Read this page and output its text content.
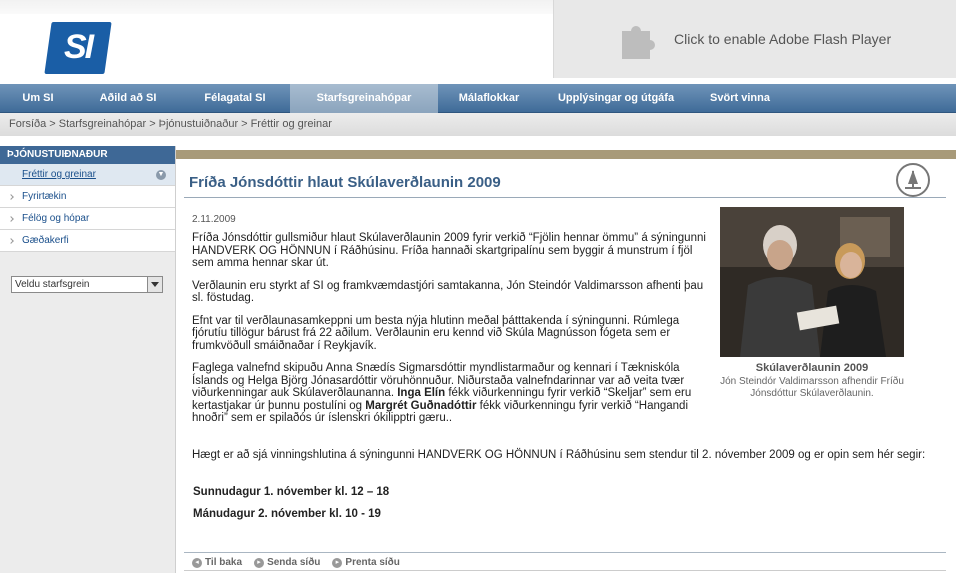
SI	Click to enable Adobe Flash Player
Um SI	Aðild að SI	Félagatal SI	Starfsgreinahópar	Málaflokkar	Upplýsingar og útgáfa	Svört vinna
Forsíða > Starfsgreinahópar > Þjónustuiðnaður > Fréttir og greinar
ÞJÓNUSTUIÐNAÐUR
Fréttir og greinar	▼
Fyrirtækin
Félög og hópar
Gæðakerfi
Veldu starfsgrein
Fríða Jónsdóttir hlaut Skúlaverðlaunin 2009
2.11.2009

Fríða Jónsdóttir gullsmiður hlaut Skúlaverðlaunin 2009 fyrir verkið “Fjölin hennar ömmu” á sýningunni HANDVERK OG HÖNNUN í Ráðhúsinu. Fríða hannaði skartgripalínu sem byggir á munstrum í fjöl sem amma hennar skar út.

Verðlaunin eru styrkt af SI og framkvæmdastjóri samtakanna, Jón Steindór Valdimarsson afhenti þau sl. föstudag.

Efnt var til verðlaunasamkeppni um besta nýja hlutinn meðal þátttakenda í sýningunni. Rúmlega fjórutíu tillögur bárust frá 22 aðilum. Verðlaunin eru kennd við Skúla Magnússon fógeta sem er frumkvöðull smáiðnaðar í Reykjavík.

Faglega valnefnd skipuðu Anna Snædís Sigmarsdóttir myndlistarmaður og kennari í Tækniskóla Íslands og Helga Björg Jónasardóttir vöruhönnuður. Niðurstaða valnefndarinnar var að veita tvær viðurkenningar auk Skúlaverðlaunanna. Inga Elín fékk viðurkenningu fyrir verkið “Skeljar” sem eru kertastjakar úr þunnu postulíni og Margrét Guðnadóttir fékk viðurkenningu fyrir verkið “Hangandi hnoðri” sem er spilaðós úr íslenskri ókilipptri gæru..

Hægt er að sjá vinningshlutina á sýningunni HANDVERK OG HÖNNUN í Ráðhúsinu sem stendur til 2. nóvember 2009 og er opin sem hér segir:
Sunnudagur 1. nóvember kl. 12 – 18
Mánudagur 2. nóvember kl. 10 - 19
Skúlaverðlaunin 2009
Jón Steindór Valdimarsson afhendir Fríðu Jónsdóttur Skúlaverðlaunin.
◂ Til baka	▸ Senda síðu	▸ Prenta síðu
